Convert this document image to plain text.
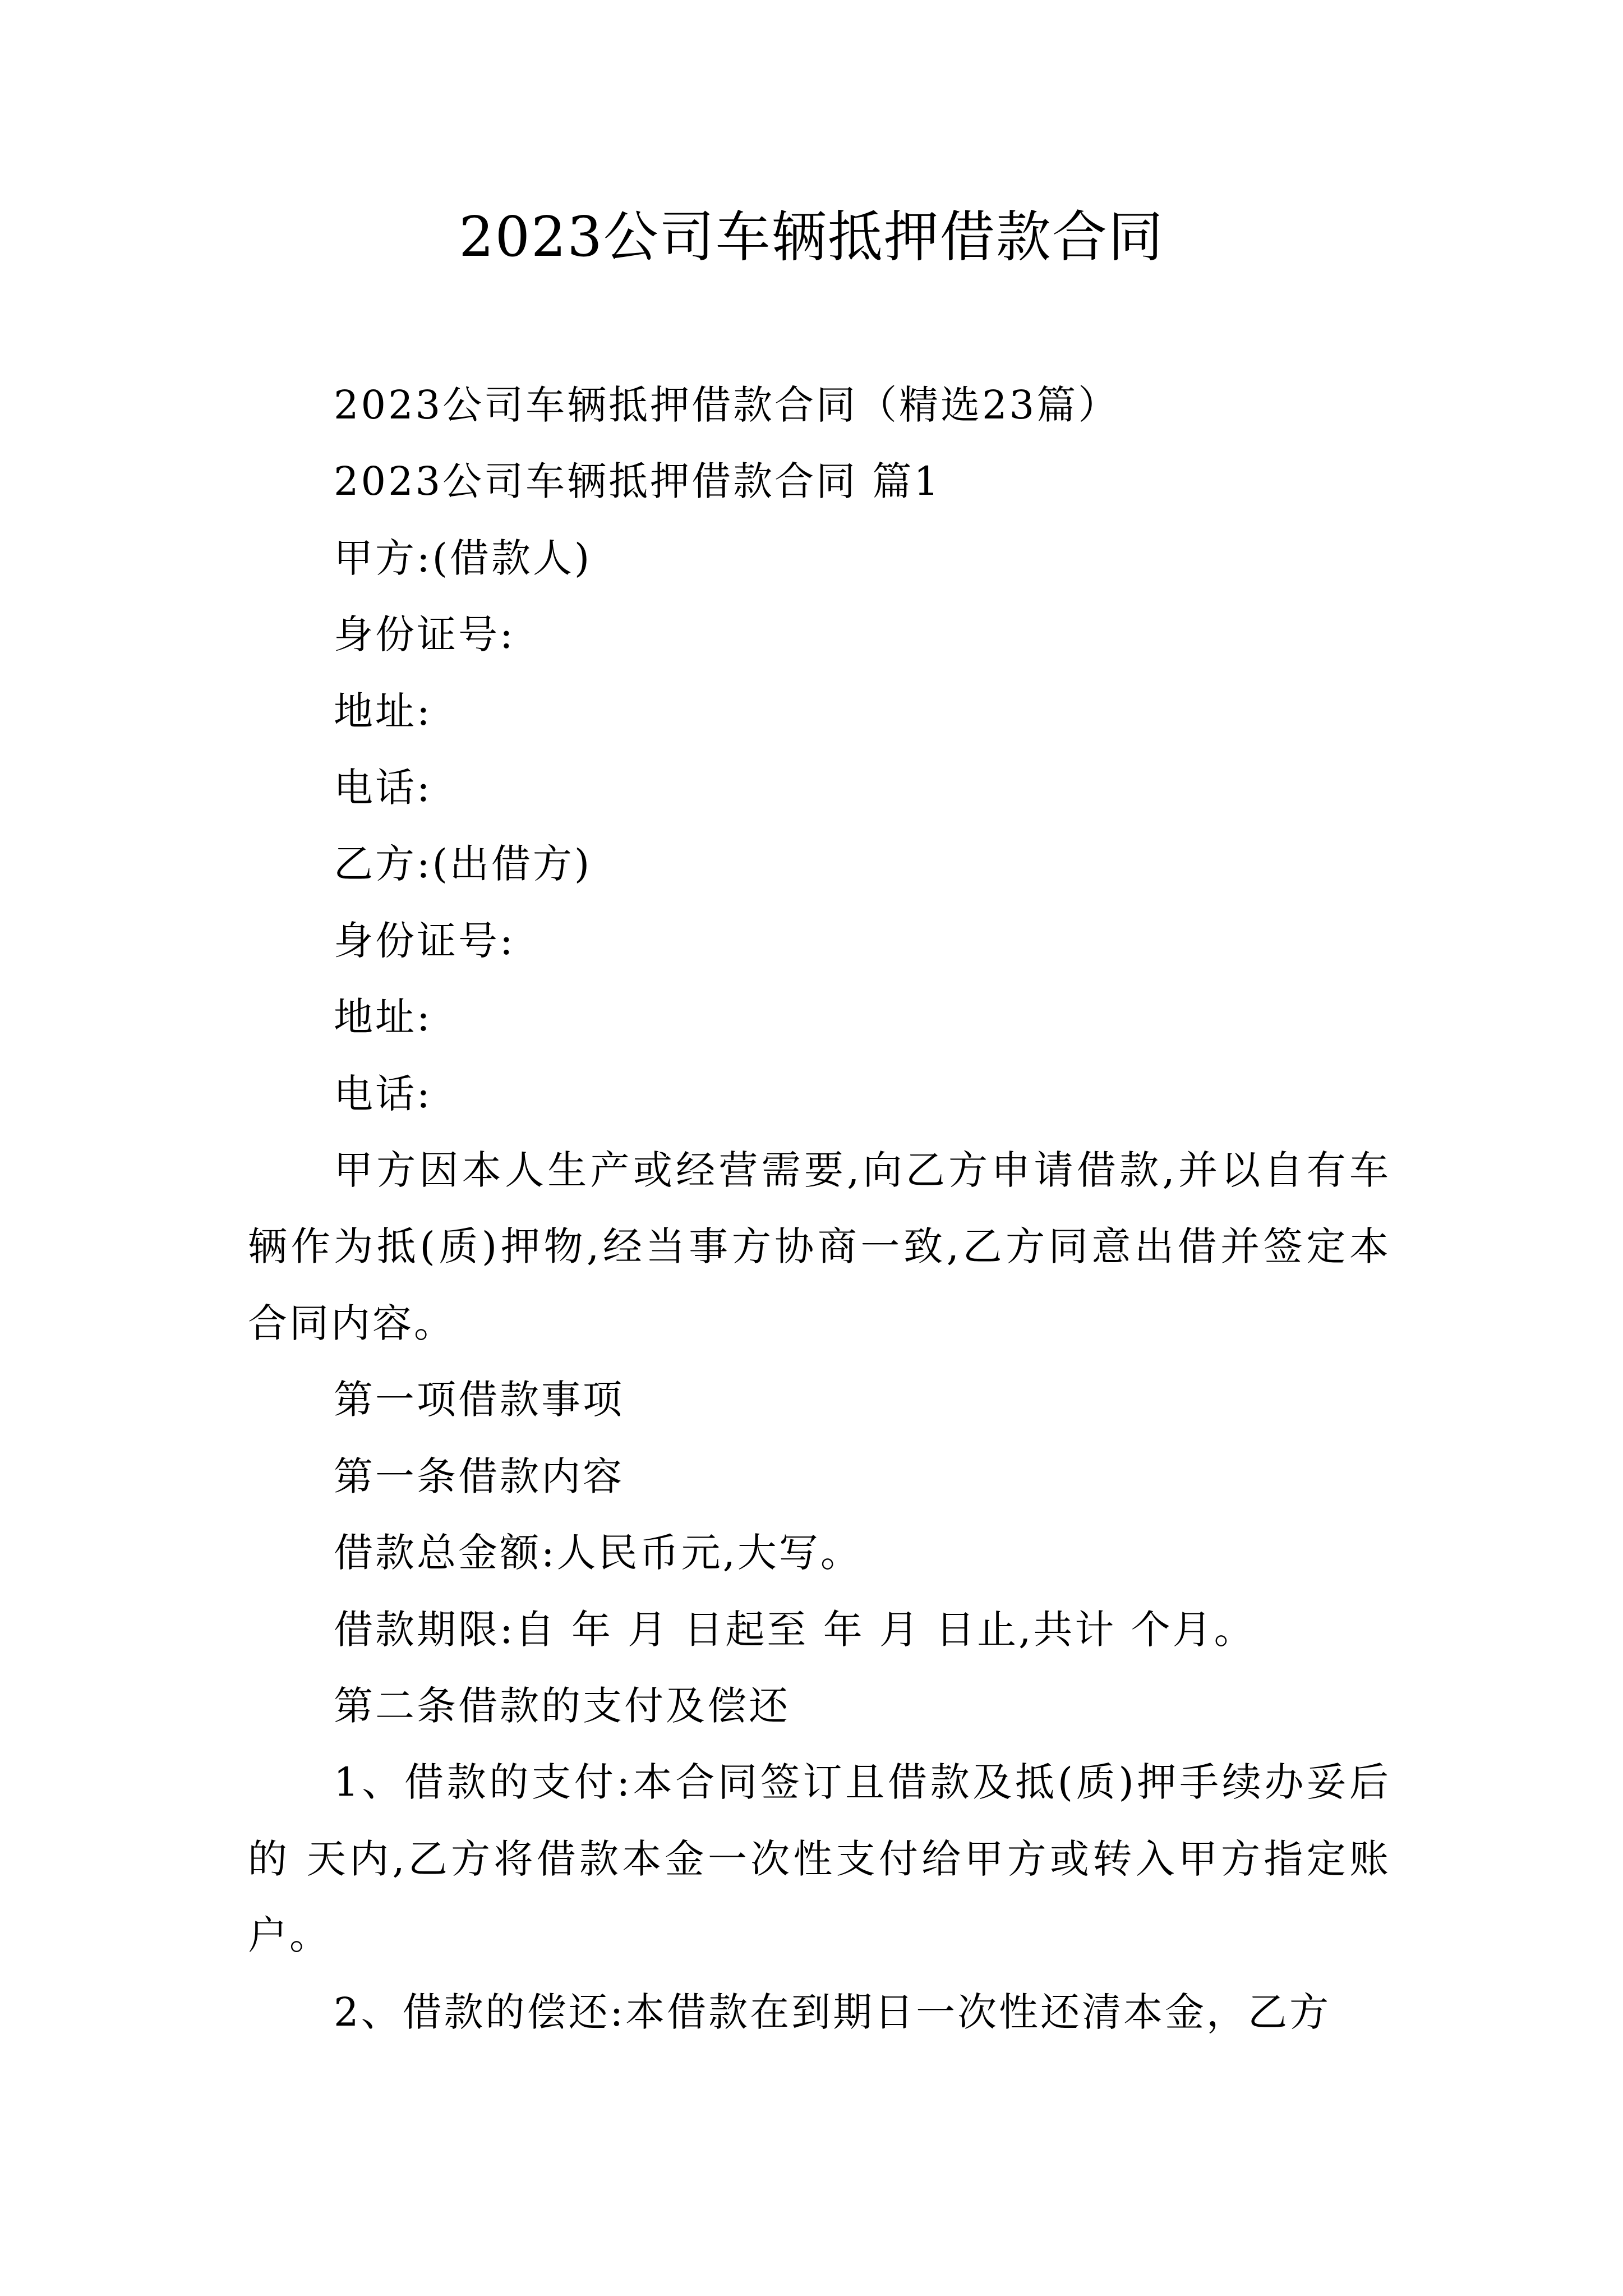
2023公司车辆抵押借款合同

2023公司车辆抵押借款合同（精选23篇）

2023公司车辆抵押借款合同 篇1

甲方:(借款人)

身份证号:

地址:

电话:

乙方:(出借方)

身份证号:

地址:

电话:

甲方因本人生产或经营需要,向乙方申请借款,并以自有车辆作为抵(质)押物,经当事方协商一致,乙方同意出借并签定本合同内容。

第一项借款事项

第一条借款内容

借款总金额:人民币元,大写。

借款期限:自 年 月 日起至 年 月 日止,共计 个月。

第二条借款的支付及偿还

1、借款的支付:本合同签订且借款及抵(质)押手续办妥后的 天内,乙方将借款本金一次性支付给甲方或转入甲方指定账户。

2、借款的偿还:本借款在到期日一次性还清本金，乙方
